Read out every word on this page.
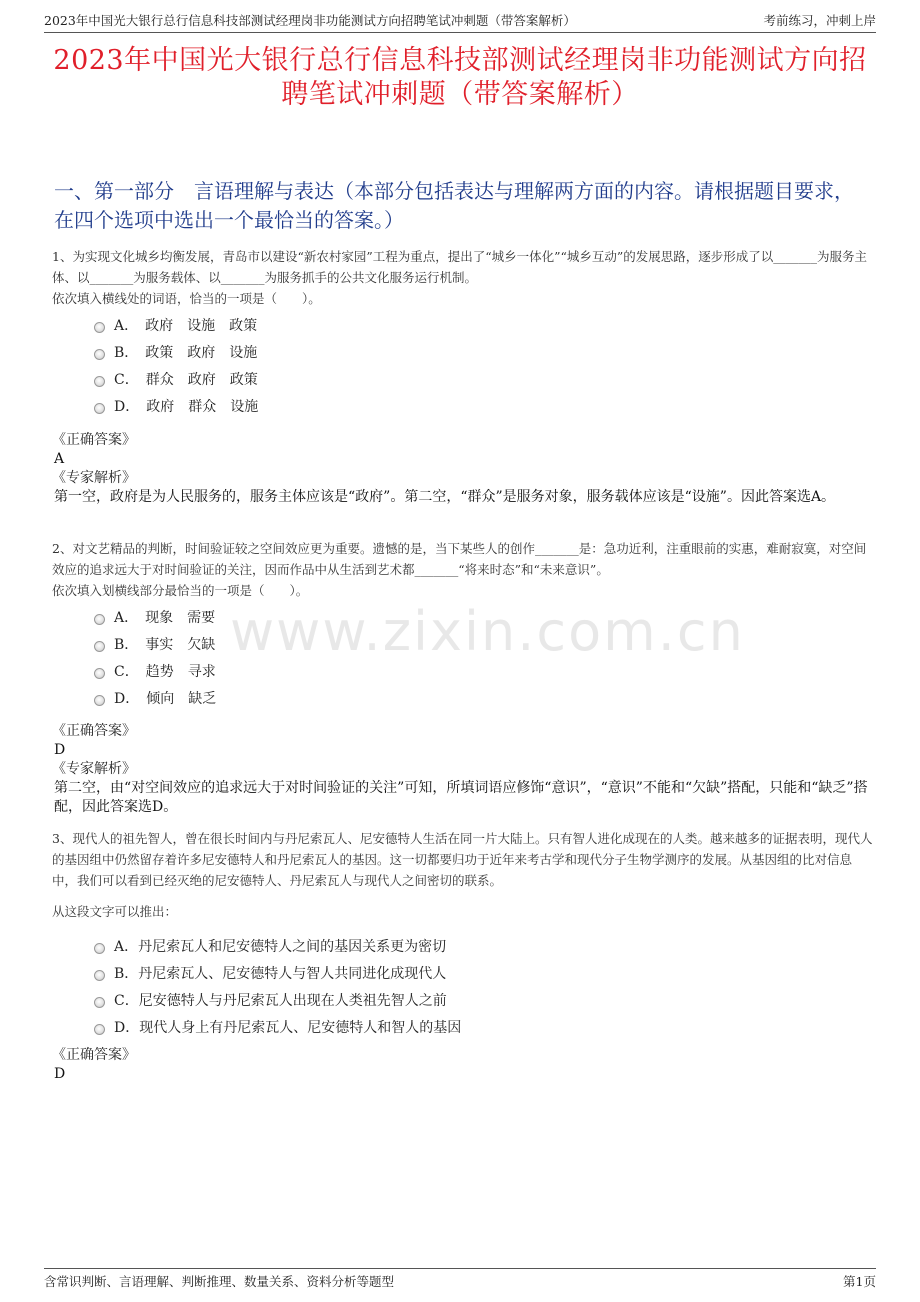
2023年中国光大银行总行信息科技部测试经理岗非功能测试方向招聘笔试冲刺题（带答案解析）	考前练习，冲刺上岸
2023年中国光大银行总行信息科技部测试经理岗非功能测试方向招聘笔试冲刺题（带答案解析）
一、第一部分　言语理解与表达（本部分包括表达与理解两方面的内容。请根据题目要求，在四个选项中选出一个最恰当的答案。）
1、为实现文化城乡均衡发展，青岛市以建设“新农村家园”工程为重点，提出了“城乡一体化”“城乡互动”的发展思路，逐步形成了以_______为服务主体、以_______为服务载体、以_______为服务抓手的公共文化服务运行机制。
依次填入横线处的词语，恰当的一项是（　　）。
A．　政府　设施　政策
B．　政策　政府　设施
C．　群众　政府　政策
D．　政府　群众　设施
《正确答案》
A
《专家解析》
第一空，政府是为人民服务的，服务主体应该是“政府”。第二空，“群众”是服务对象，服务载体应该是“设施”。因此答案选A。
2、对文艺精品的判断，时间验证较之空间效应更为重要。遗憾的是，当下某些人的创作_______是：急功近利，注重眼前的实惠，难耐寂寞，对空间效应的追求远大于对时间验证的关注，因而作品中从生活到艺术都_______“将来时态”和“未来意识”。
依次填入划横线部分最恰当的一项是（　　）。
A．　现象　需要
B．　事实　欠缺
C．　趋势　寻求
D．　倾向　缺乏
《正确答案》
D
《专家解析》
第二空，由“对空间效应的追求远大于对时间验证的关注”可知，所填词语应修饰“意识”，“意识”不能和“欠缺”搭配，只能和“缺乏”搭配，因此答案选D。
3、现代人的祖先智人，曾在很长时间内与丹尼索瓦人、尼安德特人生活在同一片大陆上。只有智人进化成现在的人类。越来越多的证据表明，现代人的基因组中仍然留存着许多尼安德特人和丹尼索瓦人的基因。这一切都要归功于近年来考古学和现代分子生物学测序的发展。从基因组的比对信息中，我们可以看到已经灭绝的尼安德特人、丹尼索瓦人与现代人之间密切的联系。
从这段文字可以推出：
A．丹尼索瓦人和尼安德特人之间的基因关系更为密切
B．丹尼索瓦人、尼安德特人与智人共同进化成现代人
C．尼安德特人与丹尼索瓦人出现在人类祖先智人之前
D．现代人身上有丹尼索瓦人、尼安德特人和智人的基因
《正确答案》
D
www.zixin.com.cn
含常识判断、言语理解、判断推理、数量关系、资料分析等题型	第1页
